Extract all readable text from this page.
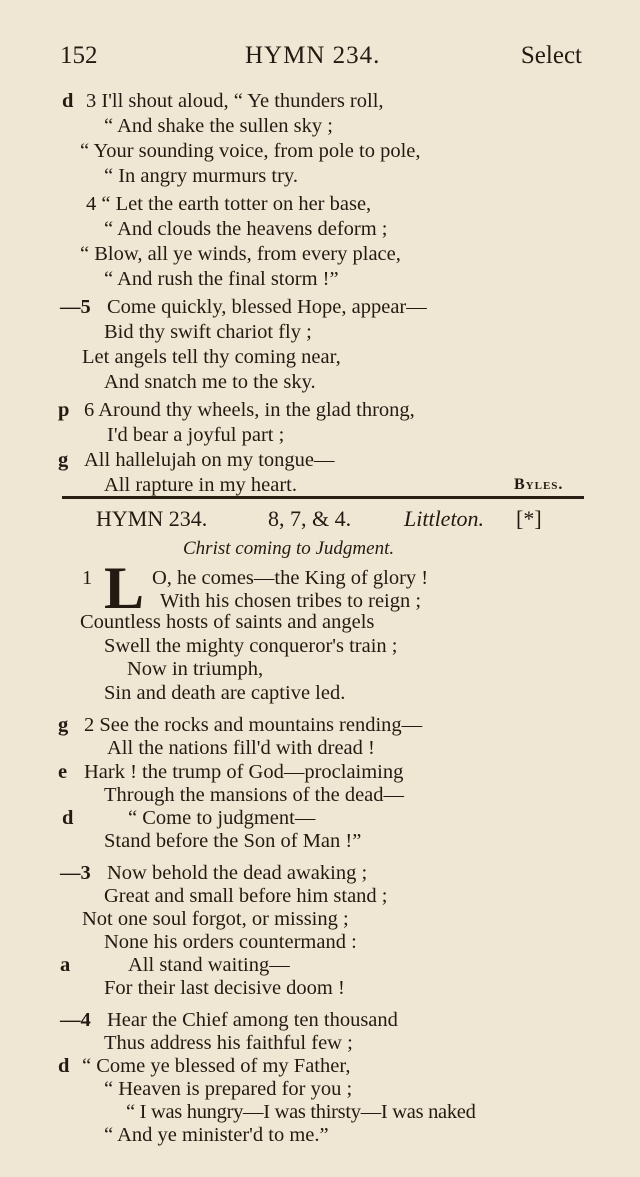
152	HYMN 234.	Select
d 3 I'll shout aloud, “ Ye thunders roll,
“ And shake the sullen sky ;
“ Your sounding voice, from pole to pole,
“ In angry murmurs try.
4 “ Let the earth totter on her base,
“ And clouds the heavens deform ;
“ Blow, all ye winds, from every place,
“ And rush the final storm !”
—5 Come quickly, blessed Hope, appear—
Bid thy swift chariot fly ;
Let angels tell thy coming near,
And snatch me to the sky.
p 6 Around thy wheels, in the glad throng,
I'd bear a joyful part ;
g All hallelujah on my tongue—
All rapture in my heart.	Byles.
HYMN 234.	8, 7, & 4. Littleton. [*]
Christ coming to Judgment.
1 L O, he comes—the King of glory !
With his chosen tribes to reign ;
Countless hosts of saints and angels
Swell the mighty conqueror's train ;
Now in triumph,
Sin and death are captive led.
g 2 See the rocks and mountains rending—
All the nations fill'd with dread !
e Hark ! the trump of God—proclaiming
Through the mansions of the dead—
d	“ Come to judgment—
Stand before the Son of Man !”
—3 Now behold the dead awaking ;
Great and small before him stand ;
Not one soul forgot, or missing ;
None his orders countermand :
a	All stand waiting—
For their last decisive doom !
—4 Hear the Chief among ten thousand
Thus address his faithful few ;
d “ Come ye blessed of my Father,
“ Heaven is prepared for you ;
“ I was hungry—I was thirsty—I was naked
“ And ye minister'd to me.”
